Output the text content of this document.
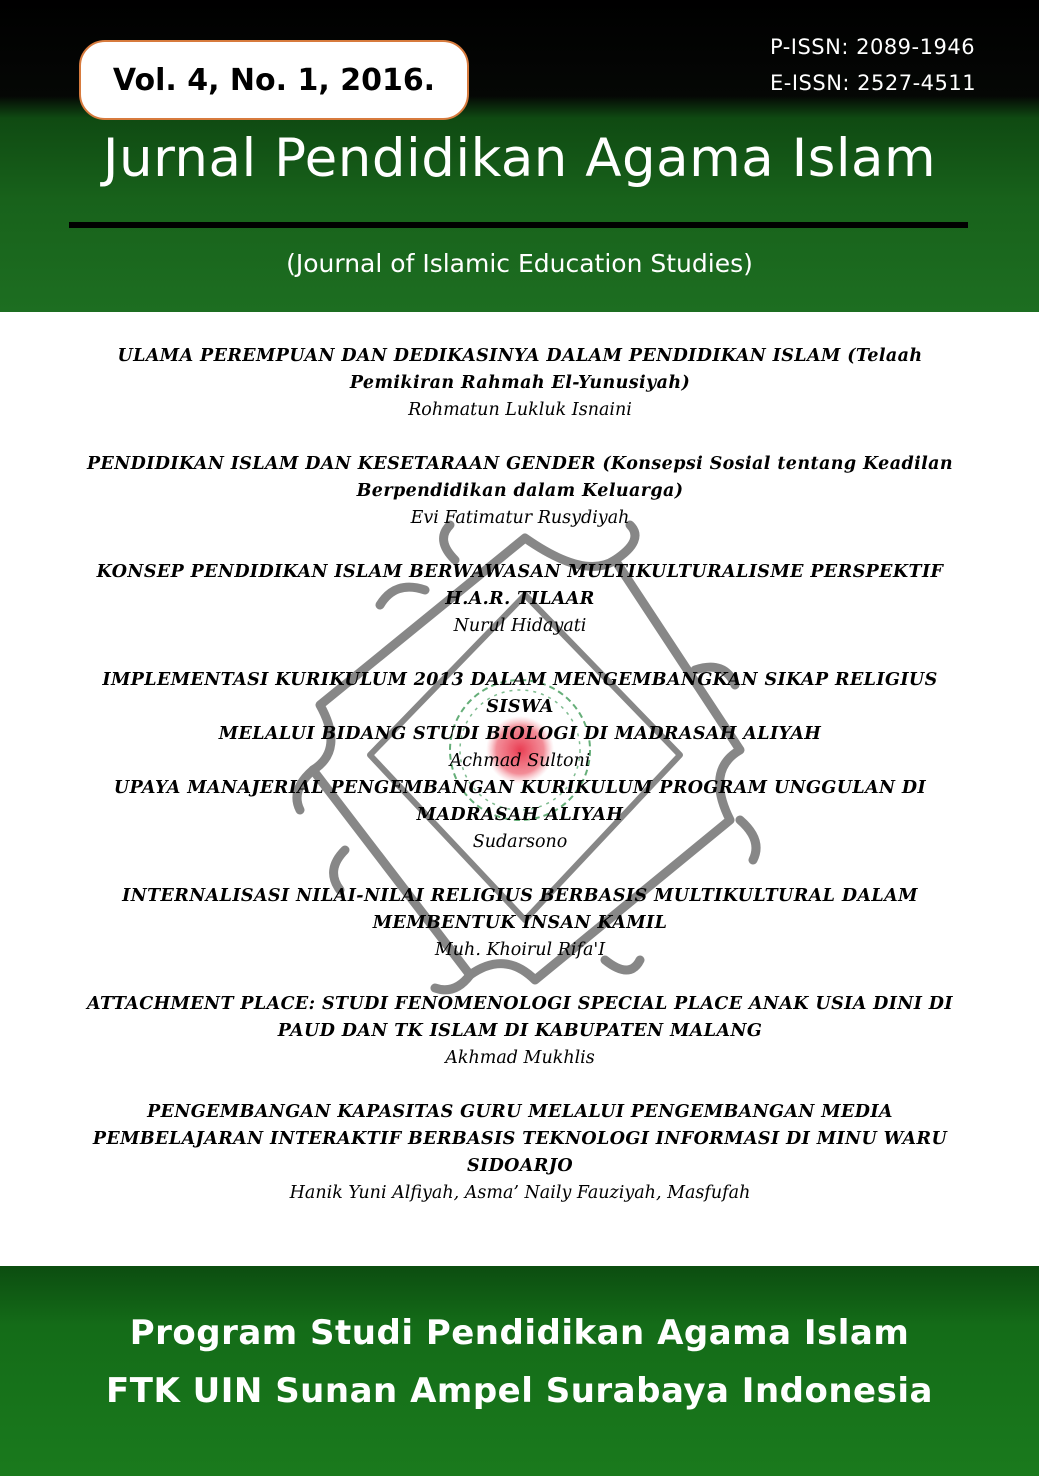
Vol. 4, No. 1, 2016.
P-ISSN: 2089-1946
E-ISSN: 2527-4511
Jurnal Pendidikan Agama Islam
(Journal of Islamic Education Studies)
ULAMA PEREMPUAN DAN DEDIKASINYA DALAM PENDIDIKAN ISLAM (Telaah
Pemikiran Rahmah El-Yunusiyah)
Rohmatun Lukluk Isnaini
PENDIDIKAN ISLAM DAN KESETARAAN GENDER (Konsepsi Sosial tentang Keadilan
Berpendidikan dalam Keluarga)
Evi Fatimatur Rusydiyah
KONSEP PENDIDIKAN ISLAM BERWAWASAN MULTIKULTURALISME PERSPEKTIF
H.A.R. TILAAR
Nurul Hidayati
IMPLEMENTASI KURIKULUM 2013 DALAM MENGEMBANGKAN SIKAP RELIGIUS SISWA
MELALUI BIDANG STUDI BIOLOGI DI MADRASAH ALIYAH
Achmad Sultoni
UPAYA MANAJERIAL PENGEMBANGAN KURIKULUM PROGRAM UNGGULAN DI
MADRASAH ALIYAH
Sudarsono
INTERNALISASI NILAI-NILAI RELIGIUS BERBASIS MULTIKULTURAL DALAM
MEMBENTUK INSAN KAMIL
Muh. Khoirul Rifa'I
ATTACHMENT PLACE: STUDI FENOMENOLOGI SPECIAL PLACE ANAK USIA DINI DI
PAUD DAN TK ISLAM DI KABUPATEN MALANG
Akhmad Mukhlis
PENGEMBANGAN KAPASITAS GURU MELALUI PENGEMBANGAN MEDIA
PEMBELAJARAN INTERAKTIF BERBASIS TEKNOLOGI INFORMASI DI MINU WARU
SIDOARJO
Hanik Yuni Alfiyah, Asma’ Naily Fauziyah, Masfufah
Program Studi Pendidikan Agama Islam
FTK UIN Sunan Ampel Surabaya Indonesia
